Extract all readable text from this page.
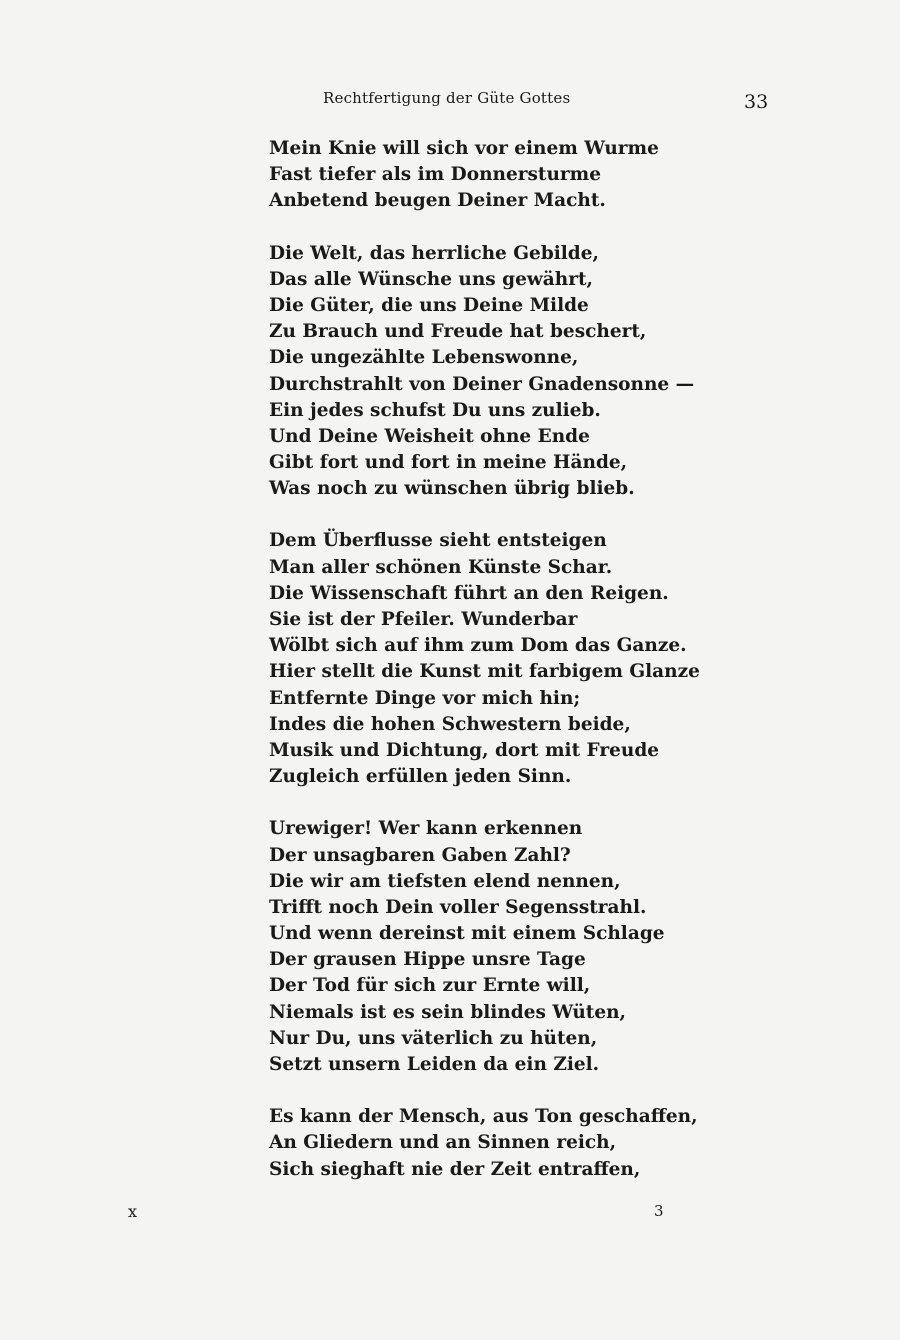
Rechtfertigung der Güte Gottes	33
Mein Knie will sich vor einem Wurme
Fast tiefer als im Donnersturme
Anbetend beugen Deiner Macht.
Die Welt, das herrliche Gebilde,
Das alle Wünsche uns gewährt,
Die Güter, die uns Deine Milde
Zu Brauch und Freude hat beschert,
Die ungezählte Lebenswonne,
Durchstrahlt von Deiner Gnadensonne —
Ein jedes schufst Du uns zulieb.
Und Deine Weisheit ohne Ende
Gibt fort und fort in meine Hände,
Was noch zu wünschen übrig blieb.
Dem Überflusse sieht entsteigen
Man aller schönen Künste Schar.
Die Wissenschaft führt an den Reigen.
Sie ist der Pfeiler. Wunderbar
Wölbt sich auf ihm zum Dom das Ganze.
Hier stellt die Kunst mit farbigem Glanze
Entfernte Dinge vor mich hin;
Indes die hohen Schwestern beide,
Musik und Dichtung, dort mit Freude
Zugleich erfüllen jeden Sinn.
Urewiger! Wer kann erkennen
Der unsagbaren Gaben Zahl?
Die wir am tiefsten elend nennen,
Trifft noch Dein voller Segensstrahl.
Und wenn dereinst mit einem Schlage
Der grausen Hippe unsre Tage
Der Tod für sich zur Ernte will,
Niemals ist es sein blindes Wüten,
Nur Du, uns väterlich zu hüten,
Setzt unsern Leiden da ein Ziel.
Es kann der Mensch, aus Ton geschaffen,
An Gliedern und an Sinnen reich,
Sich sieghaft nie der Zeit entraffen,
x	3
